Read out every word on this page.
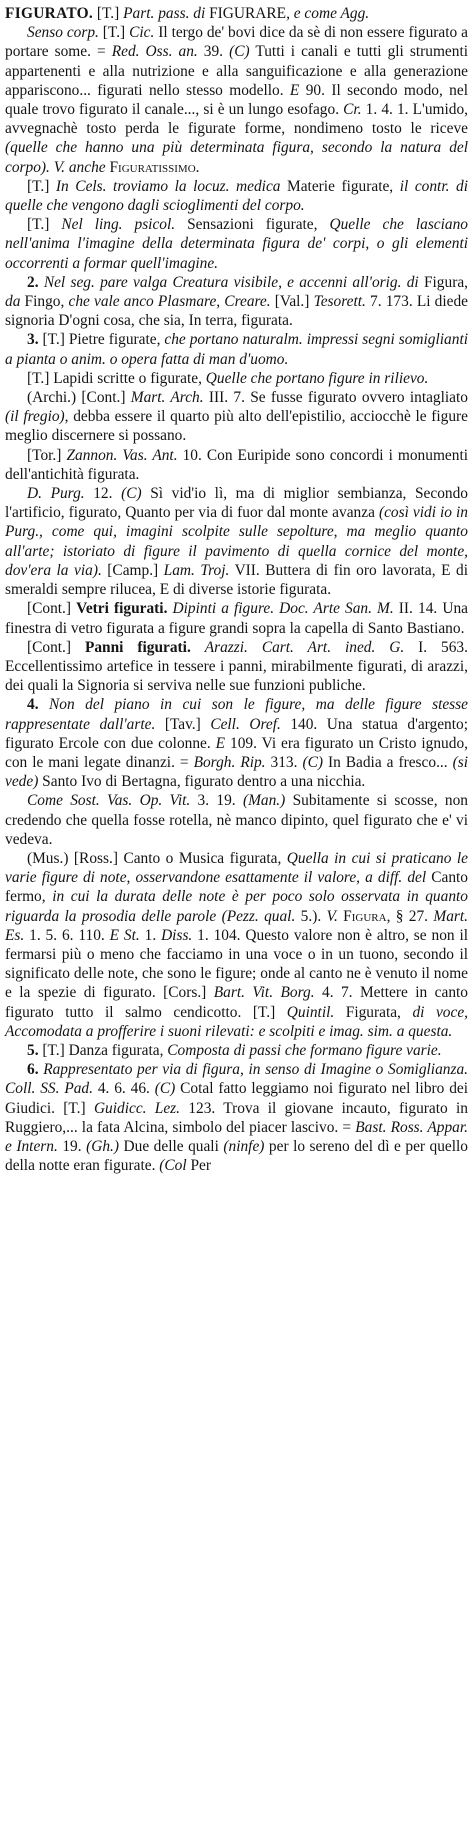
FIGURATO. [T.] Part. pass. di FIGURARE, e come Agg.

Senso corp. [T.] Cic. Il tergo de' bovi dice da sè di non essere figurato a portare some. = Red. Oss. an. 39. (C) Tutti i canali e tutti gli strumenti appartenenti e alla nutrizione e alla sanguificazione e alla generazione appariscono... figurati nello stesso modello. E 90. Il secondo modo, nel quale trovo figurato il canale..., si è un lungo esofago. Cr. 1. 4. 1. L'umido, avvegnachè tosto perda le figurate forme, nondimeno tosto le riceve (quelle che hanno una più determinata figura, secondo la natura del corpo). V. anche Figuratissimo.

[T.] In Cels. troviamo la locuz. medica Materie figurate, il contr. di quelle che vengono dagli scioglimenti del corpo.

[T.] Nel ling. psicol. Sensazioni figurate, Quelle che lasciano nell'anima l'imagine della determinata figura de' corpi, o gli elementi occorrenti a formar quell'imagine.

2. Nel seg. pare valga Creatura visibile, e accenni all'orig. di Figura, da Fingo, che vale anco Plasmare, Creare. [Val.] Tesorett. 7. 173. Li diede signoria D'ogni cosa, che sia, In terra, figurata.

3. [T.] Pietre figurate, che portano naturalm. impressi segni somiglianti a pianta o anim. o opera fatta di man d'uomo.

[T.] Lapidi scritte o figurate, Quelle che portano figure in rilievo.

(Archi.) [Cont.] Mart. Arch. III. 7. Se fusse figurato ovvero intagliato (il fregio), debba essere il quarto più alto dell'epistilio, acciocchè le figure meglio discernere si possano.

[Tor.] Zannon. Vas. Ant. 10. Con Euripide sono concordi i monumenti dell'antichità figurata.

D. Purg. 12. (C) Sì vid'io lì, ma di miglior sembianza, Secondo l'artificio, figurato, Quanto per via di fuor dal monte avanza (così vidi io in Purg., come qui, imagini scolpite sulle sepolture, ma meglio quanto all'arte; istoriato di figure il pavimento di quella cornice del monte, dov'era la via). [Camp.] Lam. Troj. VII. Buttera di fin oro lavorata, E di smeraldi sempre rilucea, E di diverse istorie figurata.

[Cont.] Vetri figurati. Dipinti a figure. Doc. Arte San. M. II. 14. Una finestra di vetro figurata a figure grandi sopra la capella di Santo Bastiano.

[Cont.] Panni figurati. Arazzi. Cart. Art. ined. G. I. 563. Eccellentissimo artefice in tessere i panni, mirabilmente figurati, di arazzi, dei quali la Signoria si serviva nelle sue funzioni publiche.

4. Non del piano in cui son le figure, ma delle figure stesse rappresentate dall'arte. [Tav.] Cell. Oref. 140. Una statua d'argento; figurato Ercole con due colonne. E 109. Vi era figurato un Cristo ignudo, con le mani legate dinanzi. = Borgh. Rip. 313. (C) In Badia a fresco... (si vede) Santo Ivo di Bertagna, figurato dentro a una nicchia.

Come Sost. Vas. Op. Vit. 3. 19. (Man.) Subitamente si scosse, non credendo che quella fosse rotella, nè manco dipinto, quel figurato che e' vi vedeva.

(Mus.) [Ross.] Canto o Musica figurata, Quella in cui si praticano le varie figure di note, osservandone esattamente il valore, a diff. del Canto fermo, in cui la durata delle note è per poco solo osservata in quanto riguarda la prosodia delle parole (Pezz. qual. 5.). V. Figura, § 27. Mart. Es. 1. 5. 6. 110. E St. 1. Diss. 1. 104. Questo valore non è altro, se non il fermarsi più o meno che facciamo in una voce o in un tuono, secondo il significato delle note, che sono le figure; onde al canto ne è venuto il nome e la spezie di figurato. [Cors.] Bart. Vit. Borg. 4. 7. Mettere in canto figurato tutto il salmo cendicotto. [T.] Quintil. Figurata, di voce, Accomodata a profferire i suoni rilevati: e scolpiti e imag. sim. a questa.

5. [T.] Danza figurata, Composta di passi che formano figure varie.

6. Rappresentato per via di figura, in senso di Imagine o Somiglianza. Coll. SS. Pad. 4. 6. 46. (C) Cotal fatto leggiamo noi figurato nel libro dei Giudici. [T.] Guidicc. Lez. 123. Trova il giovane incauto, figurato in Ruggiero,... la fata Alcina, simbolo del piacer lascivo. = Bast. Ross. Appar. e Intern. 19. (Gh.) Due delle quali (ninfe) per lo sereno del dì e per quello della notte eran figurate. (Col Per
